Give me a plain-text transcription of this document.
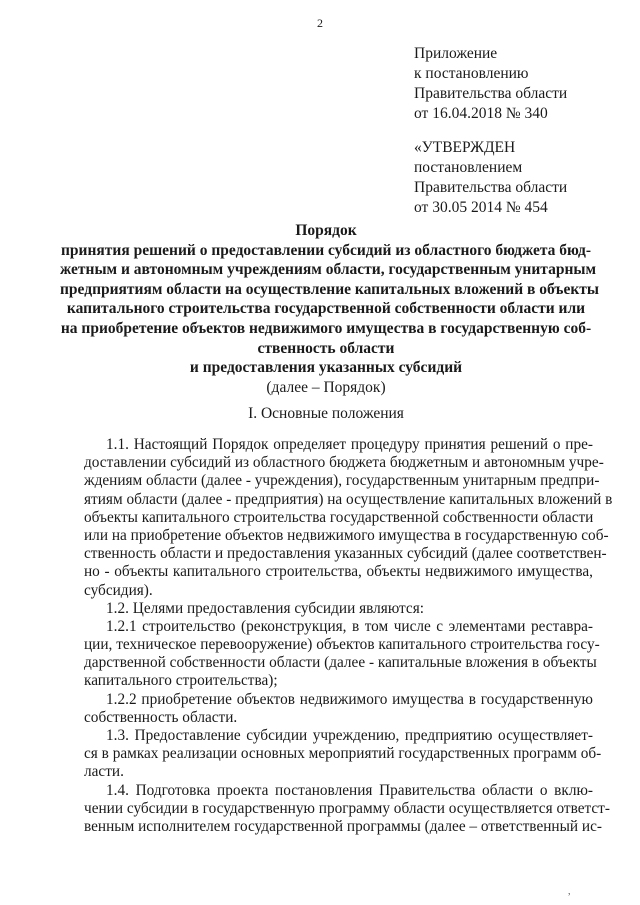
2
Приложение
к постановлению
Правительства области
от 16.04.2018 № 340
«УТВЕРЖДЕН
постановлением
Правительства области
от 30.05 2014 № 454
Порядок
принятия решений о предоставлении субсидий из областного бюджета бюд-
жетным и автономным учреждениям области, государственным унитарным
предприятиям области на осуществление капитальных вложений в объекты
капитального строительства государственной собственности области или
на приобретение объектов недвижимого имущества в государственную соб-
ственность области
и предоставления указанных субсидий
(далее – Порядок)
I. Основные положения
1.1. Настоящий Порядок определяет процедуру принятия решений о пре-
доставлении субсидий из областного бюджета бюджетным и автономным учре-
ждениям области (далее - учреждения), государственным унитарным предпри-
ятиям области (далее - предприятия) на осуществление капитальных вложений в
объекты капитального строительства государственной собственности области
или на приобретение объектов недвижимого имущества в государственную соб-
ственность области и предоставления указанных субсидий (далее соответствен-
но - объекты капитального строительства, объекты недвижимого имущества,
субсидия).
1.2. Целями предоставления субсидии являются:
1.2.1 строительство (реконструкция, в том числе с элементами реставра-
ции, техническое перевооружение) объектов капитального строительства госу-
дарственной собственности области (далее - капитальные вложения в объекты
капитального строительства);
1.2.2 приобретение объектов недвижимого имущества в государственную
собственность области.
1.3. Предоставление субсидии учреждению, предприятию осуществляет-
ся в рамках реализации основных мероприятий государственных программ об-
ласти.
1.4. Подготовка проекта постановления Правительства области о вклю-
чении субсидии в государственную программу области осуществляется ответст-
венным исполнителем государственной программы (далее – ответственный ис-
,
